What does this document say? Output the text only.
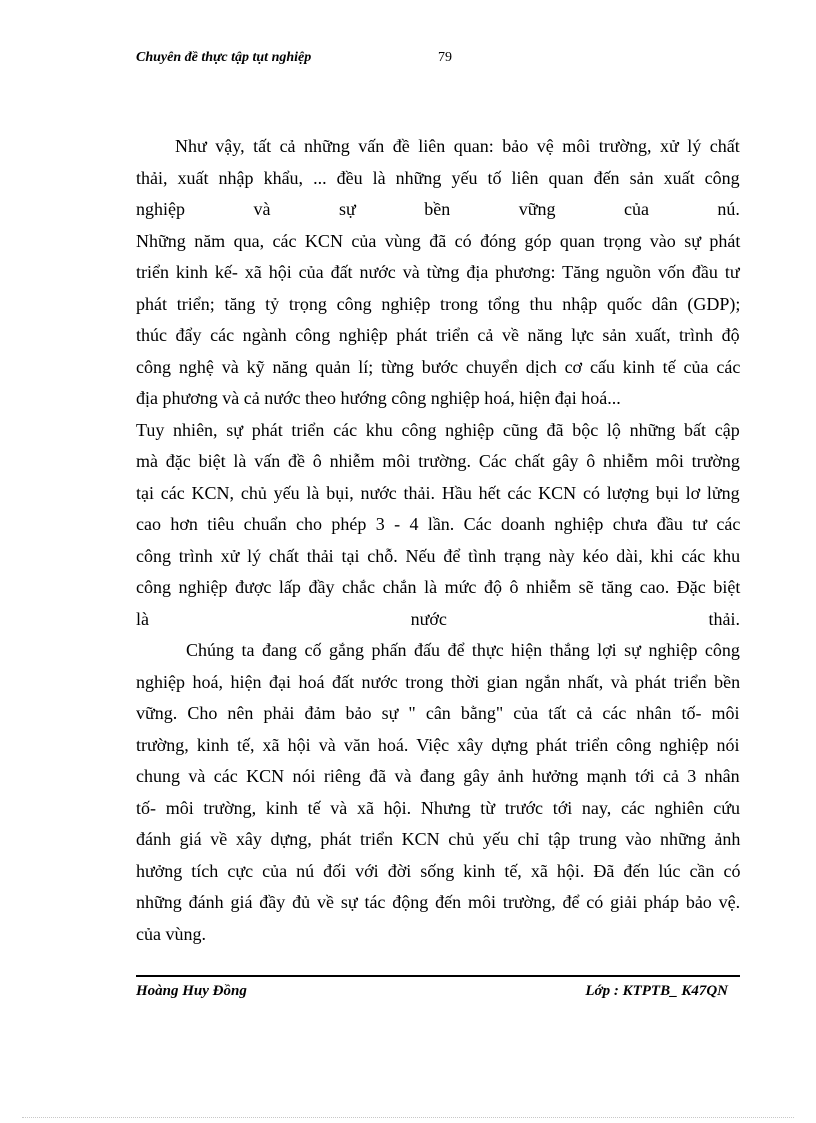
Chuyên đề thực tập tụt nghiệp	79
Như vậy, tất cả những vấn đề liên quan: bảo vệ môi trường, xử lý chất
thải, xuất nhập khẩu, ... đều là những yếu tố liên quan đến sản xuất công
nghiệp	và	sự	bền	vững	của	nú.
Những năm qua, các KCN của vùng đã có đóng góp quan trọng vào sự phát
triển kinh kế- xã hội của đất nước và từng địa phương: Tăng nguồn vốn đầu tư
phát triển; tăng tỷ trọng công nghiệp trong tổng thu nhập quốc dân (GDP);
thúc đẩy các ngành công nghiệp phát triển cả về năng lực sản xuất, trình độ
công nghệ và kỹ năng quản lí; từng bước chuyển dịch cơ cấu kinh tế của các
địa phương và cả nước theo hướng công nghiệp hoá, hiện đại hoá...
Tuy nhiên, sự phát triển các khu công nghiệp cũng đã bộc lộ những bất cập
mà đặc biệt là vấn đề ô nhiễm môi trường. Các chất gây ô nhiễm môi trường
tại các KCN, chủ yếu là bụi, nước thải. Hầu hết các KCN có lượng bụi lơ lửng
cao hơn tiêu chuẩn cho phép 3 - 4 lần. Các doanh nghiệp chưa đầu tư các
công trình xử lý chất thải tại chỗ. Nếu để tình trạng này kéo dài, khi các khu
công nghiệp được lấp đầy chắc chắn là mức độ ô nhiễm sẽ tăng cao. Đặc biệt
là	nước	thải.
Chúng ta đang cố gắng phấn đấu để thực hiện thắng lợi sự nghiệp công
nghiệp hoá, hiện đại hoá đất nước trong thời gian ngắn nhất, và phát triển bền
vững. Cho nên phải đảm bảo sự " cân bằng" của tất cả các nhân tố- môi
trường, kinh tế, xã hội và văn hoá. Việc xây dựng phát triển công nghiệp nói
chung và các KCN nói riêng đã và đang gây ảnh hưởng mạnh tới cả 3 nhân
tố- môi trường, kinh tế và xã hội. Nhưng từ trước tới nay, các nghiên cứu
đánh giá về xây dựng, phát triển KCN chủ yếu chỉ tập trung vào những ảnh
hưởng tích cực của nú đối với đời sống kinh tế, xã hội. Đã đến lúc cần có
những đánh giá đầy đủ về sự tác động đến môi trường, để có giải pháp bảo vệ.
của vùng.
Hoàng Huy Đồng	Lớp : KTPTB_ K47QN
